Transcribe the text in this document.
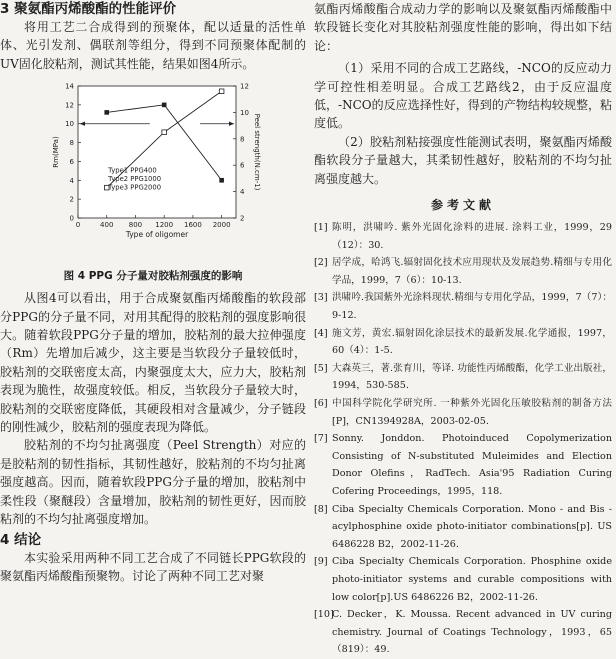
3 聚氨酯丙烯酸酯的性能评价

将用工艺二合成得到的预聚体，配以适量的活性单体、光引发剂、偶联剂等组分，得到不同预聚体配制的UV固化胶粘剂，测试其性能，结果如图4所示。

0	400 800 1200 1600 2000
0
2
4
6
8
10
12
14
2
4
6
8
10
12
Type of oligomer
Rm(MPa)	Peel strength(N.cm-1)
Type1 PPG400
Type2 PPG1000
Type3 PPG2000
图 4 PPG 分子量对胶粘剂强度的影响

从图4可以看出，用于合成聚氨酯丙烯酸酯的软段部分PPG的分子量不同，对用其配得的胶粘剂的强度影响很大。随着软段PPG分子量的增加，胶粘剂的最大拉伸强度（Rm）先增加后减少，这主要是当软段分子量较低时，胶粘剂的交联密度太高，内聚强度太大，应力大，胶粘剂表现为脆性，故强度较低。相反，当软段分子量较大时，胶粘剂的交联密度降低，其硬段相对含量减少，分子链段的刚性减少，胶粘剂的强度表现为降低。

胶粘剂的不均匀扯离强度（Peel Strength）对应的是胶粘剂的韧性指标，其韧性越好，胶粘剂的不均匀扯离强度越高。因而，随着软段PPG分子量的增加，胶粘剂中柔性段（聚醚段）含量增加，胶粘剂的韧性更好，因而胶粘剂的不均匀扯离强度增加。

4 结论

本实验采用两种不同工艺合成了不同链长PPG软段的聚氨酯丙烯酸酯预聚物。讨论了两种不同工艺对聚

氨酯丙烯酸酯合成动力学的影响以及聚氨酯丙烯酸酯中软段链长变化对其胶粘剂强度性能的影响，得出如下结论：

（1）采用不同的合成工艺路线，-NCO的反应动力学可控性相差明显。合成工艺路线2，由于反应温度低，-NCO的反应选择性好，得到的产物结构较规整，粘度低。

（2）胶粘剂粘接强度性能测试表明，聚氨酯丙烯酸酯软段分子量越大，其柔韧性越好，胶粘剂的不均匀扯离强度越大。

参考文献
[1] 陈明，洪啸吟. 紫外光固化涂料的进展. 涂料工业，1999，29（12）：30.
[2] 居学成，哈鸿飞.辐射固化技术应用现状及发展趋势.精细与专用化学品，1999，7（6）：10-13.
[3] 洪啸吟.我国紫外光涂料现状.精细与专用化学品，1999，7（7）：9-12.
[4] 施文芳，黄宏.辐射固化涂层技术的最新发展.化学通报，1997，60（4）：1-5.
[5] 大森英三，著.张育川，等译. 功能性丙烯酸酯，化学工业出版社，1994，530-585.
[6] 中国科学院化学研究所. 一种紫外光固化压敏胶粘剂的制备方法[P]，CN1394928A，2003-02-05.
[7] Sonny. Jonddon. Photoinduced Copolymerization Consisting of N-substituted Muleimides and Election Donor Olefins，RadTech. Asia'95 Radiation Curing Cofering Proceedings，1995，118.
[8] Ciba Specialty Chemicals Corporation. Mono - and Bis -acylphosphine oxide photo-initiator combinations[p]. US 6486228 B2，2002-11-26.
[9] Ciba Specialty Chemicals Corporation. Phosphine oxide photo-initiator systems and curable compositions with low color[p].US 6486226 B2，2002-11-26.
[10]
C. Decker，K. Moussa. Recent advanced in UV curing chemistry. Journal of Coatings Technology，1993，65（819）：49.
